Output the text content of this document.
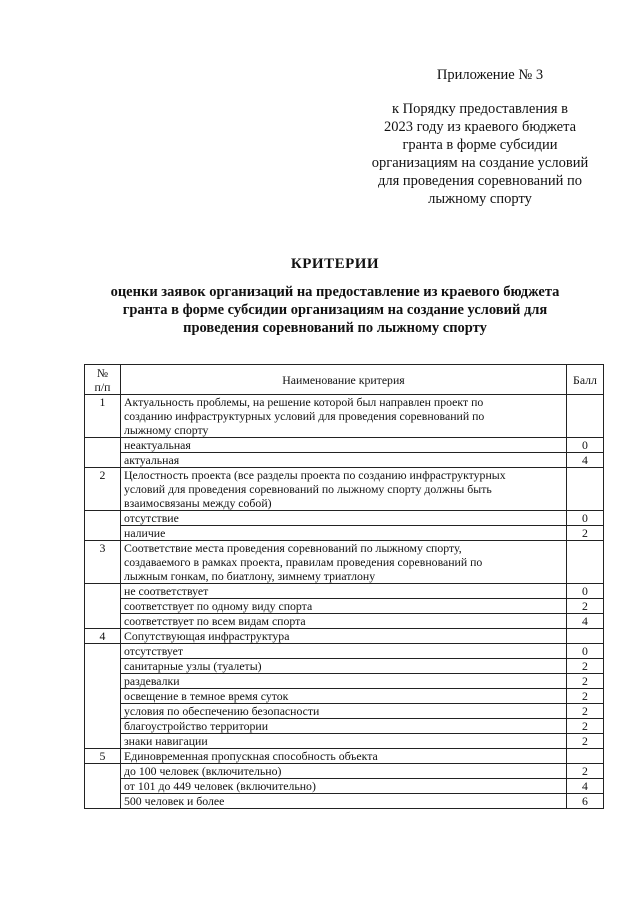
Приложение № 3
к Порядку предоставления в
2023 году из краевого бюджета
гранта в форме субсидии
организациям на создание условий
для проведения соревнований по
лыжному спорту
КРИТЕРИИ
оценки заявок организаций на предоставление из краевого бюджета
гранта в форме субсидии организациям на создание условий для
проведения соревнований по лыжному спорту
№
п/п	Наименование критерия	Балл
1	Актуальность проблемы, на решение которой был направлен проект по
созданию инфраструктурных условий для проведения соревнований по
лыжному спорту	

	неактуальная	0
	актуальная	4
2	Целостность проекта (все разделы проекта по созданию инфраструктурных
условий для проведения соревнований по лыжному спорту должны быть
взаимосвязаны между собой)	

	отсутствие	0
	наличие	2
3	Соответствие места проведения соревнований по лыжному спорту,
создаваемого в рамках проекта, правилам проведения соревнований по
лыжным гонкам, по биатлону, зимнему триатлону	

	не соответствует	0
	соответствует по одному виду спорта	2
	соответствует по всем видам спорта	4
4	Сопутствующая инфраструктура	

	отсутствует	0
	санитарные узлы (туалеты)	2
	раздевалки	2
	освещение в темное время суток	2
	условия по обеспечению безопасности	2
	благоустройство территории	2
	знаки навигации	2
5	Единовременная пропускная способность объекта	

	до 100 человек (включительно)	2
	от 101 до 449 человек (включительно)	4
	500 человек и более	6
